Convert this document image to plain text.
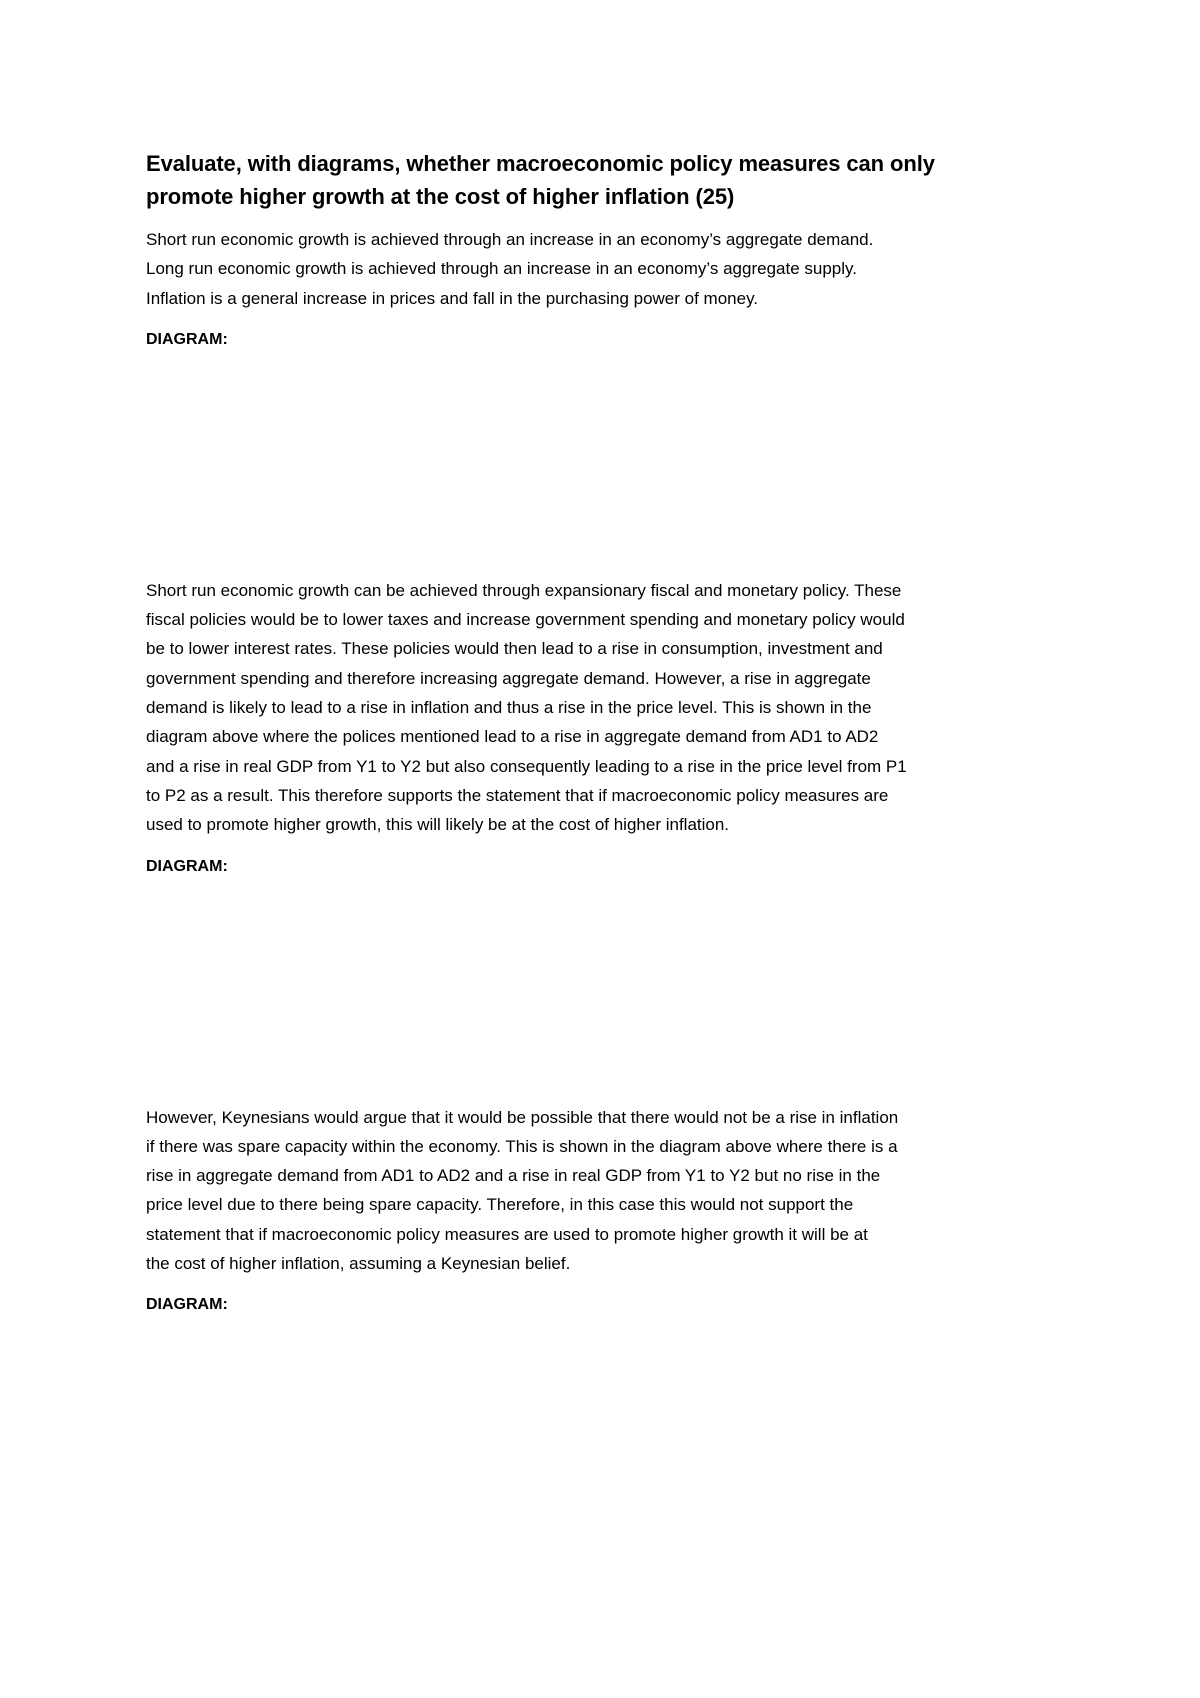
Evaluate, with diagrams, whether macroeconomic policy measures can only
promote higher growth at the cost of higher inflation (25)

Short run economic growth is achieved through an increase in an economy’s aggregate demand.
Long run economic growth is achieved through an increase in an economy’s aggregate supply.
Inflation is a general increase in prices and fall in the purchasing power of money.

DIAGRAM:

Short run economic growth can be achieved through expansionary fiscal and monetary policy. These
fiscal policies would be to lower taxes and increase government spending and monetary policy would
be to lower interest rates. These policies would then lead to a rise in consumption, investment and
government spending and therefore increasing aggregate demand. However, a rise in aggregate
demand is likely to lead to a rise in inflation and thus a rise in the price level. This is shown in the
diagram above where the polices mentioned lead to a rise in aggregate demand from AD1 to AD2
and a rise in real GDP from Y1 to Y2 but also consequently leading to a rise in the price level from P1
to P2 as a result. This therefore supports the statement that if macroeconomic policy measures are
used to promote higher growth, this will likely be at the cost of higher inflation.

DIAGRAM:

However, Keynesians would argue that it would be possible that there would not be a rise in inflation
if there was spare capacity within the economy. This is shown in the diagram above where there is a
rise in aggregate demand from AD1 to AD2 and a rise in real GDP from Y1 to Y2 but no rise in the
price level due to there being spare capacity. Therefore, in this case this would not support the
statement that if macroeconomic policy measures are used to promote higher growth it will be at
the cost of higher inflation, assuming a Keynesian belief.

DIAGRAM:
